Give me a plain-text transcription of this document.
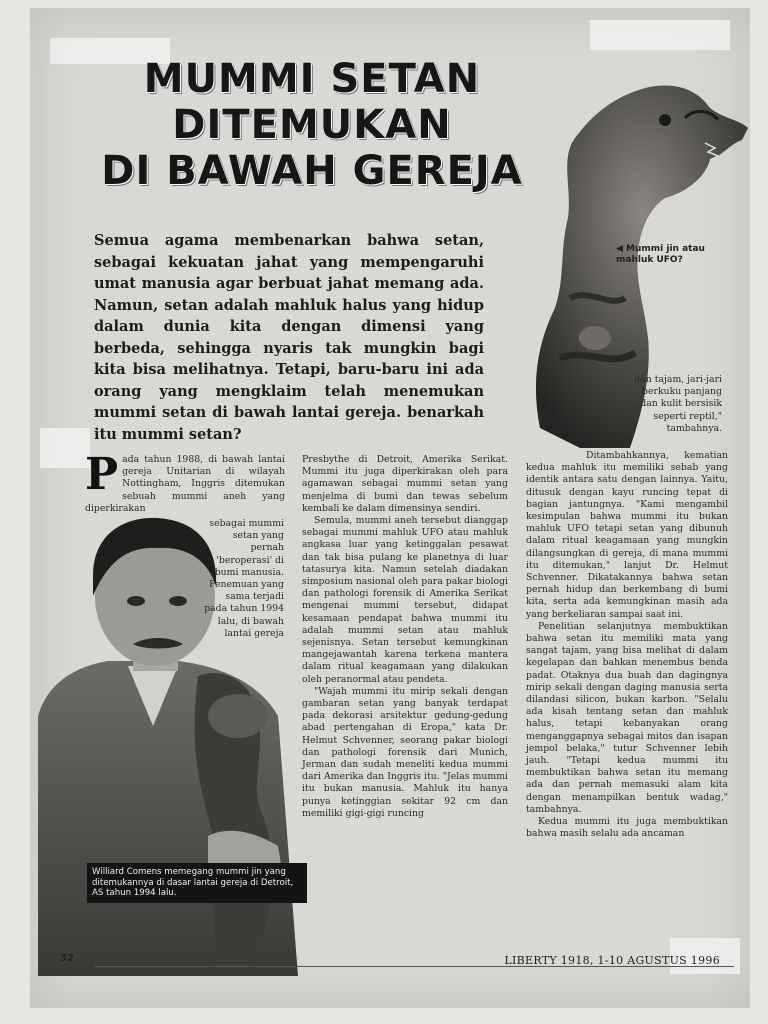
MUMMI SETAN
DITEMUKAN
DI BAWAH GEREJA
Semua agama membenarkan bahwa setan, sebagai kekuatan jahat yang mempengaruhi umat manusia agar berbuat jahat memang ada. Namun, setan adalah mahluk halus yang hidup dalam dunia kita dengan dimensi yang berbeda, sehingga nyaris tak mungkin bagi kita bisa melihatnya. Tetapi, baru-baru ini ada orang yang mengklaim telah menemukan mummi setan di bawah lantai gereja. benarkah itu mummi setan?
◀ Mummi jin atau mahluk UFO?
dan tajam, jari-jari berkuku panjang dan kulit bersisik seperti reptil," tambahnya.
P ada tahun 1988, di bawah lantai gereja Unitarian di wilayah Nottingham, Inggris ditemukan sebuah mummi aneh yang diperkirakan
sebagai mummi setan yang pernah 'beroperasi' di bumi manusia. Penemuan yang sama terjadi pada tahun 1994 lalu, di bawah lantai gereja
Williard Comens memegang mummi jin yang ditemukannya di dasar lantai gereja di Detroit, AS tahun 1994 lalu.

Presbythe di Detroit, Amerika Serikat. Mummi itu juga diperkirakan oleh para agamawan sebagai mummi setan yang menjelma di bumi dan tewas sebelum kembali ke dalam dimensinya sendiri.

Semula, mummi aneh tersebut dianggap sebagai mummi mahluk UFO atau mahluk angkasa luar yang ketinggalan pesawat dan tak bisa pulang ke planetnya di luar tatasurya kita. Namun setelah diadakan simposium nasional oleh para pakar biologi dan pathologi forensik di Amerika Serikat mengenai mummi tersebut, didapat kesamaan pendapat bahwa mummi itu adalah mummi setan atau mahluk sejenisnya. Setan tersebut kemungkinan mangejawantah karena terkena mantera dalam ritual keagamaan yang dilakukan oleh peranormal atau pendeta.

"Wajah mummi itu mirip sekali dengan gambaran setan yang banyak terdapat pada dekorasi arsitektur gedung-gedung abad pertengahan di Eropa," kata Dr. Helmut Schvenner, seorang pakar biologi dan pathologi forensik dari Munich, Jerman dan sudah meneliti kedua mummi dari Amerika dan Inggris itu. "Jelas mummi itu bukan manusia. Mahluk itu hanya punya ketinggian sekitar 92 cm dan memiliki gigi-gigi runcing

Ditambahkannya, kematian kedua mahluk itu memiliki sebab yang identik antara satu dengan lainnya. Yaitu, ditusuk dengan kayu runcing tepat di bagian jantungnya. "Kami mengambil kesimpulan bahwa mummi itu bukan mahluk UFO tetapi setan yang dibunuh dalam ritual keagamaan yang mungkin dilangsungkan di gereja, di mana mummi itu ditemukan," lanjut Dr. Helmut Schvenner. Dikatakannya bahwa setan pernah hidup dan berkembang di bumi kita, serta ada kemungkinan masih ada yang berkeliaran sampai saat ini.

Penelitian selanjutnya membuktikan bahwa setan itu memiliki mata yang sangat tajam, yang bisa melihat di dalam kegelapan dan bahkan menembus benda padat. Otaknya dua buah dan dagingnya mirip sekali dengan daging manusia serta dilandasi silicon, bukan karbon. "Selalu ada kisah tentang setan dan mahluk halus, tetapi kebanyakan orang menganggapnya sebagai mitos dan isapan jempol belaka," tutur Schvenner lebih jauh. "Tetapi kedua mummi itu membuktikan bahwa setan itu memang ada dan pernah memasuki alam kita dengan menampilkan bentuk wadag," tambahnya.

Kedua mummi itu juga membuktikan bahwa masih selalu ada ancaman

32	LIBERTY 1918, 1-10 AGUSTUS 1996
